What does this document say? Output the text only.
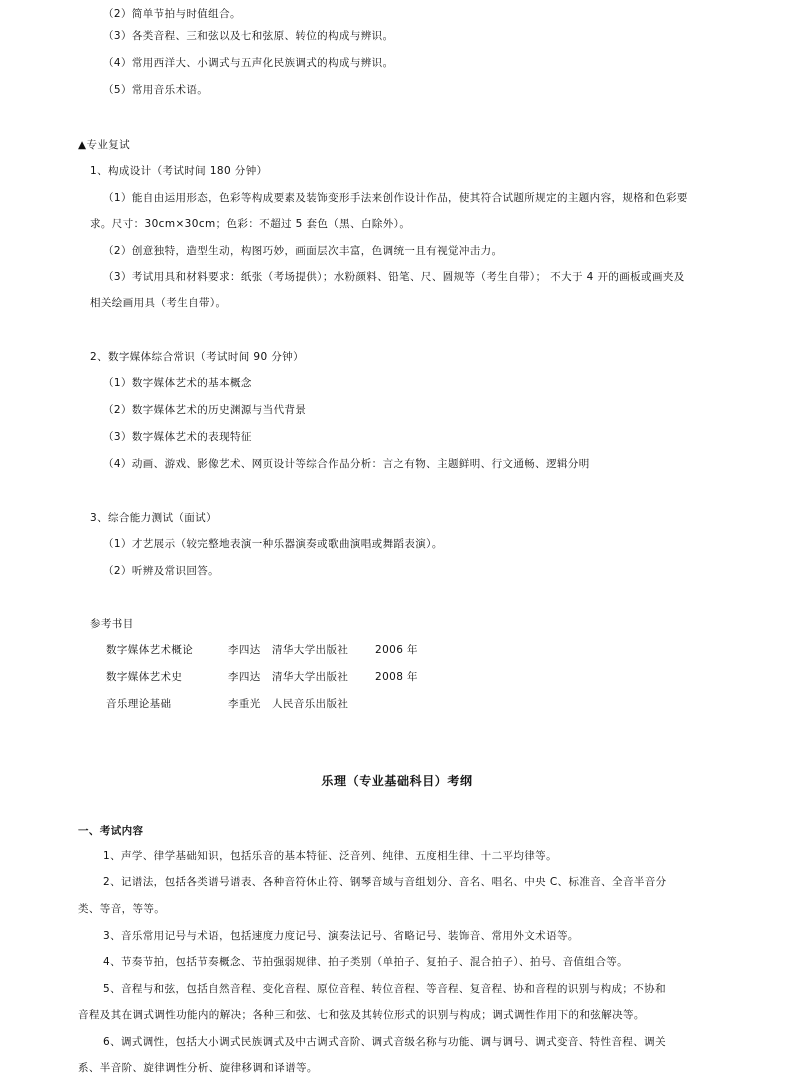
（2）简单节拍与时值组合。
（3）各类音程、三和弦以及七和弦原、转位的构成与辨识。
（4）常用西洋大、小调式与五声化民族调式的构成与辨识。
（5）常用音乐术语。
▲专业复试
1、构成设计（考试时间 180 分钟）
（1）能自由运用形态，色彩等构成要素及装饰变形手法来创作设计作品，使其符合试题所规定的主题内容，规格和色彩要
求。尺寸：30cm×30cm；色彩：不超过 5 套色（黑、白除外）。
（2）创意独特，造型生动，构图巧妙，画面层次丰富，色调统一且有视觉冲击力。
（3）考试用具和材料要求：纸张（考场提供）；水粉颜料、铅笔、尺、圆规等（考生自带）； 不大于 4 开的画板或画夹及
相关绘画用具（考生自带）。
2、数字媒体综合常识（考试时间 90 分钟）
（1）数字媒体艺术的基本概念
（2）数字媒体艺术的历史渊源与当代背景
（3）数字媒体艺术的表现特征
（4）动画、游戏、影像艺术、网页设计等综合作品分析：言之有物、主题鲜明、行文通畅、逻辑分明
3、综合能力测试（面试）
（1）才艺展示（较完整地表演一种乐器演奏或歌曲演唱或舞蹈表演）。
（2）听辨及常识回答。
参考书目
数字媒体艺术概论	李四达 清华大学出版社	2006 年
数字媒体艺术史	李四达 清华大学出版社	2008 年
音乐理论基础	李重光 人民音乐出版社
乐理（专业基础科目）考纲
一、考试内容
1、声学、律学基础知识，包括乐音的基本特征、泛音列、纯律、五度相生律、十二平均律等。
2、记谱法，包括各类谱号谱表、各种音符休止符、钢琴音域与音组划分、音名、唱名、中央 C、标准音、全音半音分
类、等音，等等。
3、音乐常用记号与术语，包括速度力度记号、演奏法记号、省略记号、装饰音、常用外文术语等。
4、节奏节拍，包括节奏概念、节拍强弱规律、拍子类别（单拍子、复拍子、混合拍子）、拍号、音值组合等。
5、音程与和弦，包括自然音程、变化音程、原位音程、转位音程、等音程、复音程、协和音程的识别与构成；不协和
音程及其在调式调性功能内的解决；各种三和弦、七和弦及其转位形式的识别与构成；调式调性作用下的和弦解决等。
6、调式调性，包括大小调式民族调式及中古调式音阶、调式音级名称与功能、调与调号、调式变音、特性音程、调关
系、半音阶、旋律调性分析、旋律移调和译谱等。
